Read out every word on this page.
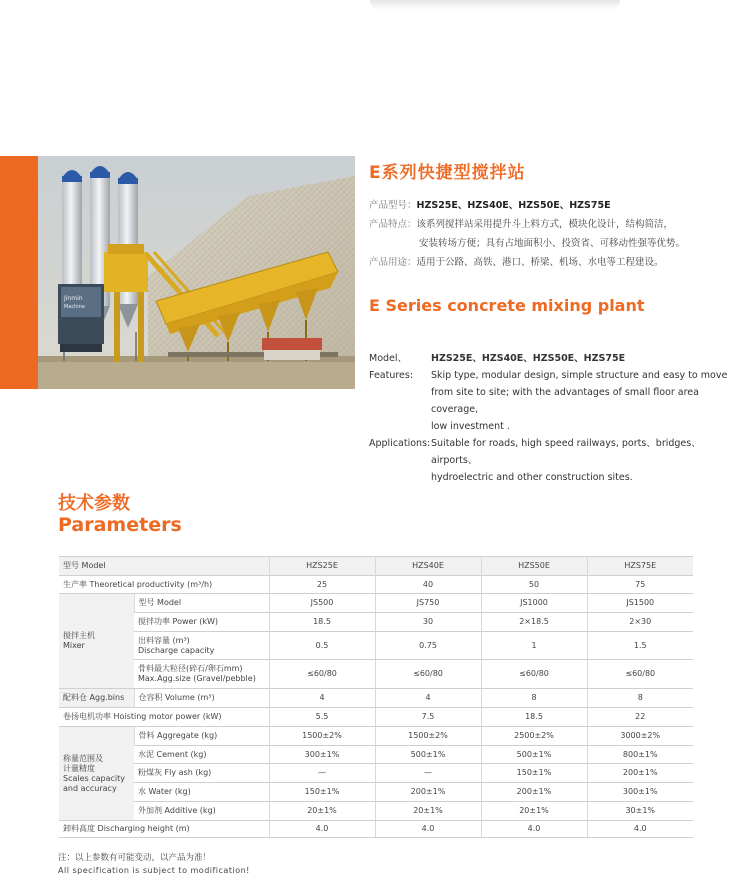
Jinmin
Machine
E系列快捷型搅拌站
产品型号：HZS25E、HZS40E、HZS50E、HZS75E
产品特点：该系列搅拌站采用提升斗上料方式，模块化设计，结构简洁，
安装转场方便；具有占地面积小、投资省、可移动性强等优势。
产品用途：适用于公路、高铁、港口、桥梁、机场、水电等工程建设。
E Series concrete mixing plant
Model、	HZS25E、HZS40E、HZS50E、HZS75E
Features:	Skip type, modular design, simple structure and easy to move
from site to site; with the advantages of small floor area coverage,
low investment .
Applications: Suitable for roads, high speed railways, ports、bridges、airports、
hydroelectric and other construction sites.
技术参数
Parameters
型号 Model		HZS25E	HZS40E	HZS50E	HZS75E
生产率 Theoretical productivity (m³/h)		25	40	50	75

搅拌主机
Mixer	型号 Model	JS500	JS750	JS1000	JS1500
	搅拌功率 Power (kW)	18.5	30	2×18.5	2×30

	出料容量 (m³)
Discharge capacity	0.5	0.75	1	1.5

	骨料最大粒径(碎石/卵石mm)
Max.Agg.size (Gravel/pebble)	≤60/80	≤60/80	≤60/80	≤60/80
配料仓 Agg.bins	仓容积 Volume (m³)	4	4	8	8
卷扬电机功率 Hoisting motor power (kW)		5.5	7.5	18.5	22

称量范围及
计量精度
Scales capacity
and accuracy	骨料 Aggregate (kg)	1500±2%	1500±2%	2500±2%	3000±2%
	水泥 Cement (kg)	300±1%	500±1%	500±1%	800±1%
	粉煤灰 Fly ash (kg)	—	—	150±1%	200±1%
	水 Water (kg)	150±1%	200±1%	200±1%	300±1%
	外加剂 Additive (kg)	20±1%	20±1%	20±1%	30±1%
卸料高度 Discharging height (m)		4.0	4.0	4.0	4.0
注：以上参数有可能变动，以产品为准！
All specification is subject to modification!
